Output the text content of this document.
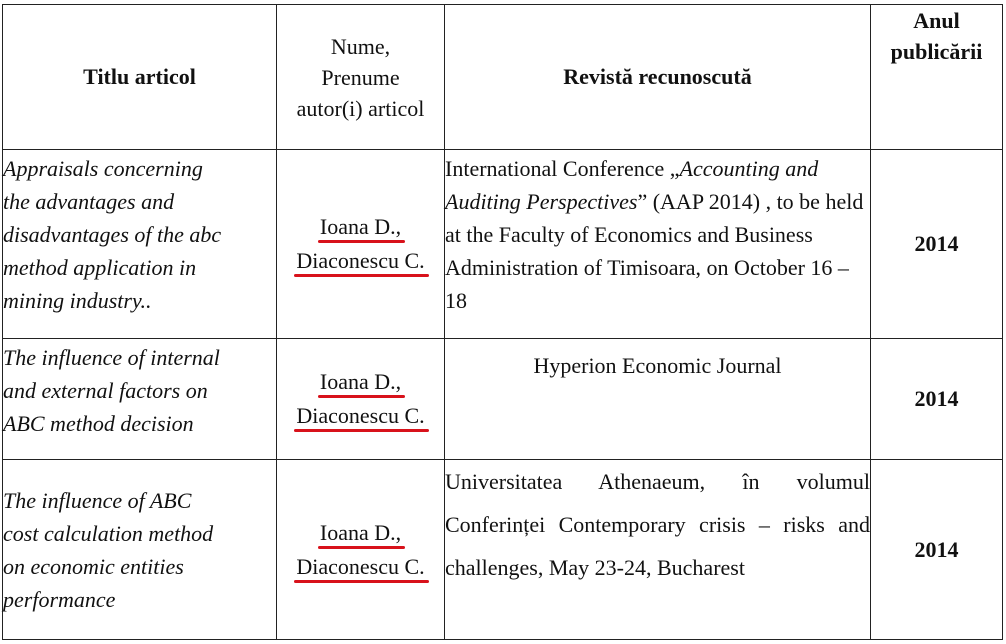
Titlu articol	Nume,
Prenume
autor(i) articol	Revistă recunoscută	Anul
publicării
Appraisals concerning
the advantages and
disadvantages of the abc
method application in
mining industry..	Ioana D.,
Diaconescu C.	International Conference „Accounting and Auditing Perspectives” (AAP 2014) , to be held at the Faculty of Economics and Business Administration of Timisoara, on October 16 – 18	2014
The influence of internal
and external factors on
ABC method decision	Ioana D.,
Diaconescu C.	Hyperion Economic Journal	2014
The influence of ABC
cost calculation method
on economic entities
performance	Ioana D.,
Diaconescu C.	Universitatea Athenaeum, în volumul Conferinței Contemporary crisis – risks and challenges, May 23-24, Bucharest	2014
